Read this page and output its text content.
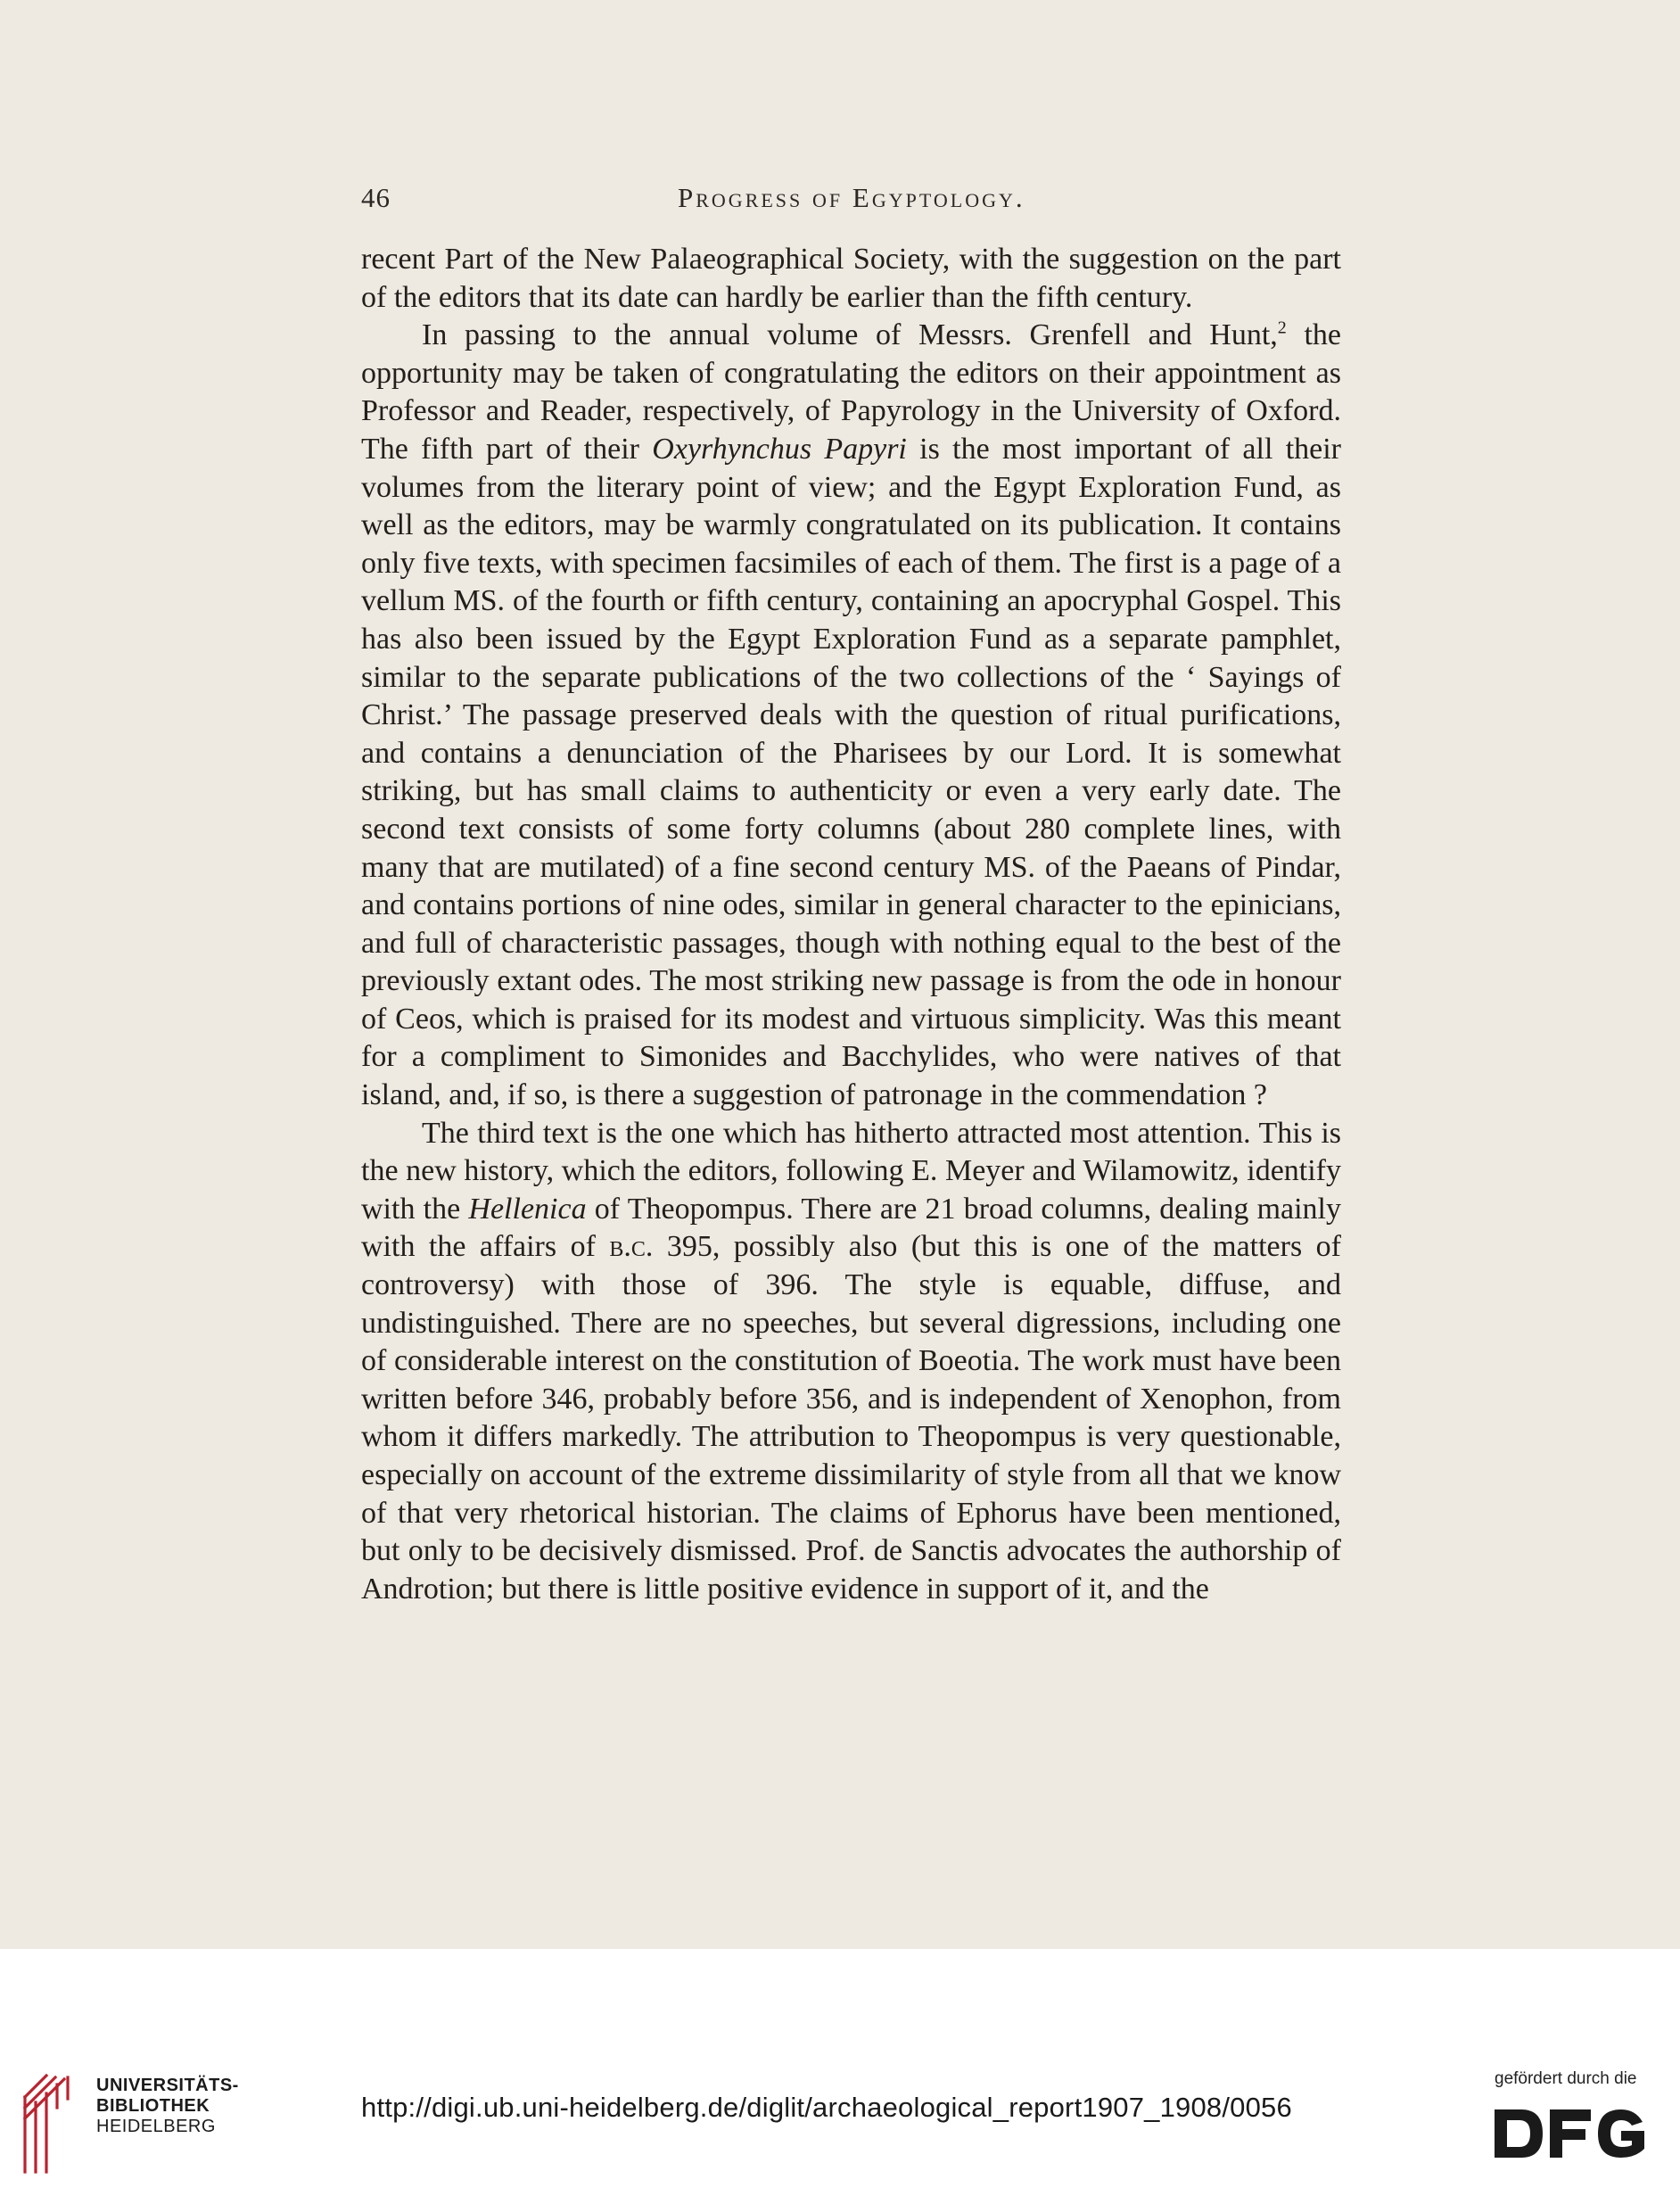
46	Progress of Egyptology.

recent Part of the New Palaeographical Society, with the suggestion on the part of the editors that its date can hardly be earlier than the fifth century.

In passing to the annual volume of Messrs. Grenfell and Hunt,$^2$ the opportunity may be taken of congratulating the editors on their appointment as Professor and Reader, respectively, of Papyrology in the University of Oxford. The fifth part of their Oxyrhynchus Papyri is the most important of all their volumes from the literary point of view; and the Egypt Exploration Fund, as well as the editors, may be warmly congratulated on its publication. It contains only five texts, with specimen facsimiles of each of them. The first is a page of a vellum MS. of the fourth or fifth century, containing an apocryphal Gospel. This has also been issued by the Egypt Exploration Fund as a separate pamphlet, similar to the separate publications of the two collections of the ‘ Sayings of Christ.’ The passage preserved deals with the question of ritual purifications, and contains a denunciation of the Pharisees by our Lord. It is somewhat striking, but has small claims to authenticity or even a very early date. The second text consists of some forty columns (about 280 complete lines, with many that are mutilated) of a fine second century MS. of the Paeans of Pindar, and contains portions of nine odes, similar in general character to the epinicians, and full of characteristic passages, though with nothing equal to the best of the previously extant odes. The most striking new passage is from the ode in honour of Ceos, which is praised for its modest and virtuous simplicity. Was this meant for a compliment to Simonides and Bacchylides, who were natives of that island, and, if so, is there a suggestion of patronage in the commendation ?

The third text is the one which has hitherto attracted most attention. This is the new history, which the editors, following E. Meyer and Wilamowitz, identify with the Hellenica of Theopompus. There are 21 broad columns, dealing mainly with the affairs of b.c. 395, possibly also (but this is one of the matters of controversy) with those of 396. The style is equable, diffuse, and undistinguished. There are no speeches, but several digressions, including one of considerable interest on the constitution of Boeotia. The work must have been written before 346, probably before 356, and is independent of Xenophon, from whom it differs markedly. The attribution to Theopompus is very questionable, especially on account of the extreme dissimilarity of style from all that we know of that very rhetorical historian. The claims of Ephorus have been mentioned, but only to be decisively dismissed. Prof. de Sanctis advocates the authorship of Androtion; but there is little positive evidence in support of it, and the

UNIVERSITÄTS-
BIBLIOTHEK
HEIDELBERG
http://digi.ub.uni-heidelberg.de/diglit/archaeological_report1907_1908/0056
gefördert durch die
